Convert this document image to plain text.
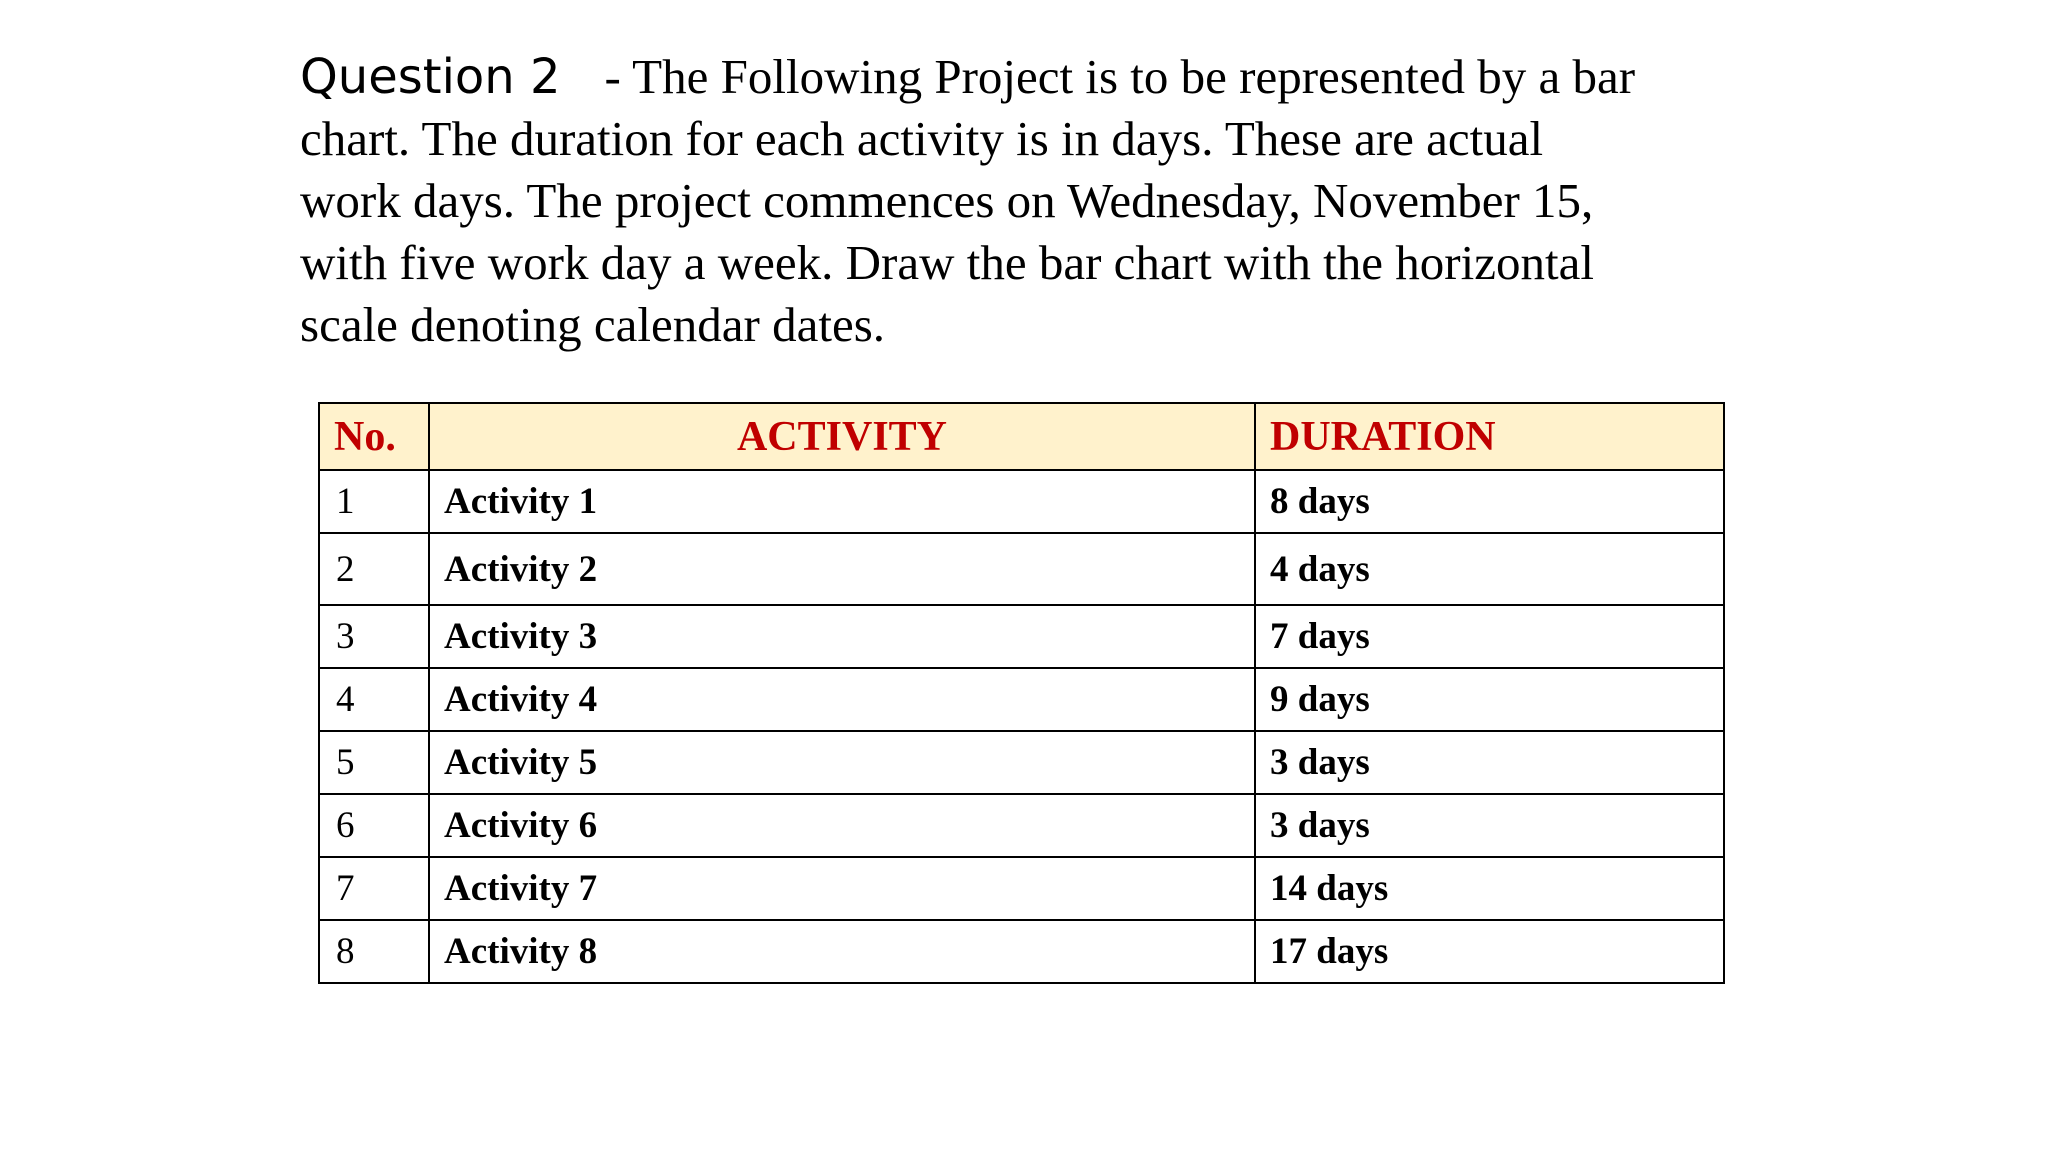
Question 2 - The Following Project is to be represented by a bar
chart. The duration for each activity is in days. These are actual
work days. The project commences on Wednesday, November 15,
with five work day a week. Draw the bar chart with the horizontal
scale denoting calendar dates.

No.	ACTIVITY	DURATION
1	Activity 1	8 days
2	Activity 2	4 days
3	Activity 3	7 days
4	Activity 4	9 days
5	Activity 5	3 days
6	Activity 6	3 days
7	Activity 7	14 days
8	Activity 8	17 days
